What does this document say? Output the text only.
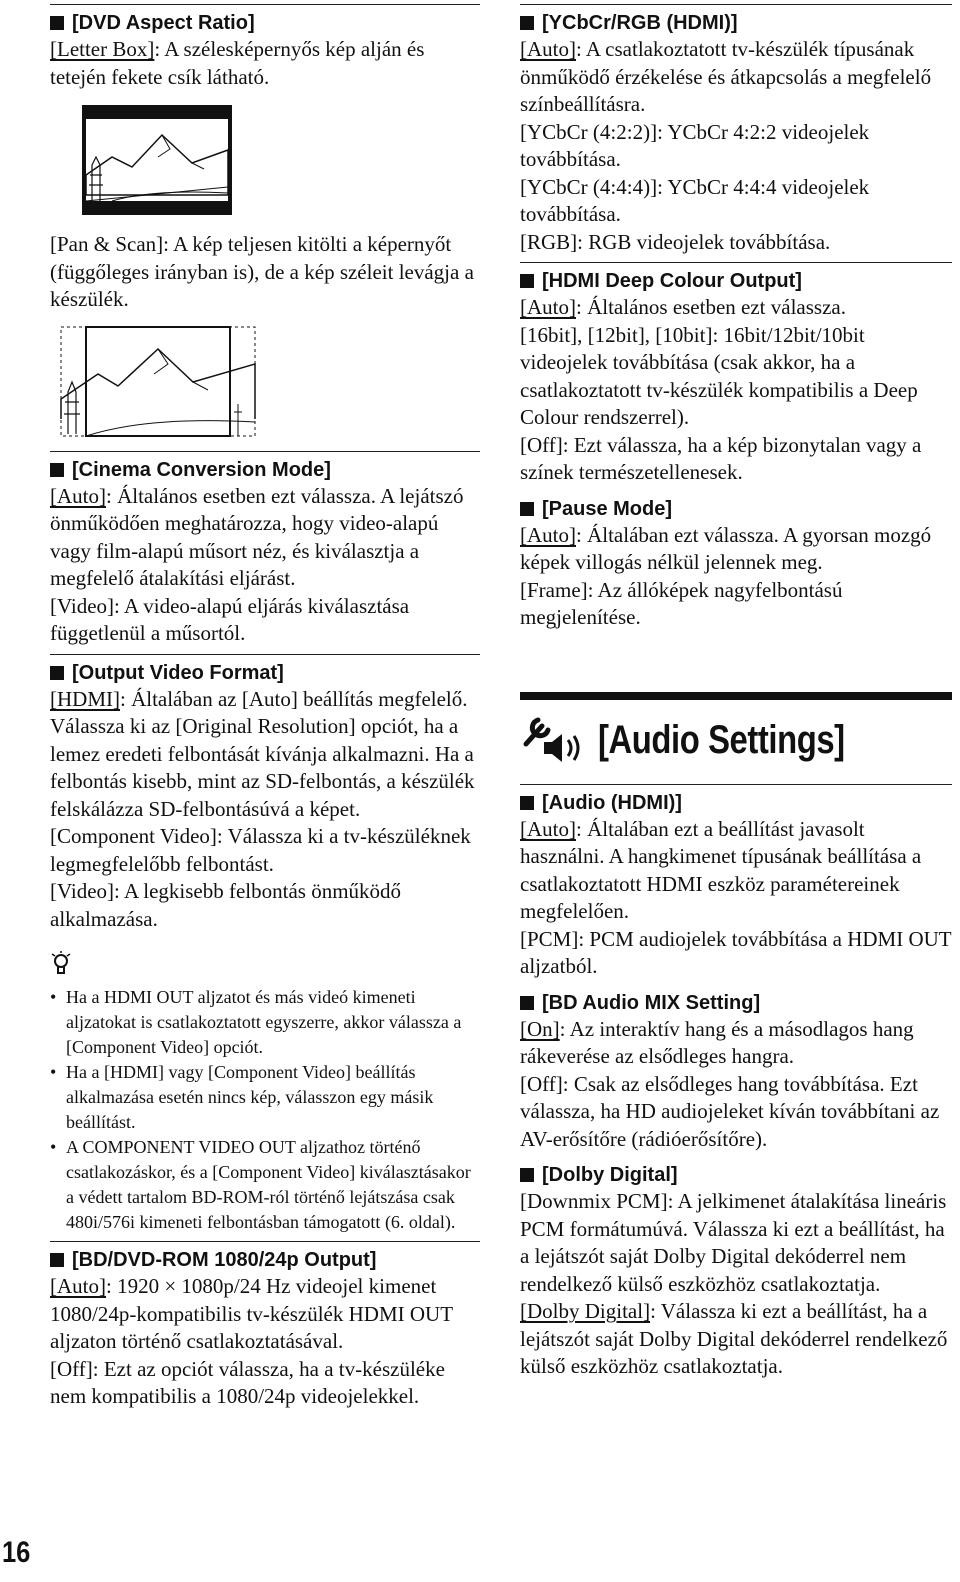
[DVD Aspect Ratio]

[Letter Box]: A szélesképernyős kép alján és tetején fekete csík látható.

[Pan & Scan]: A kép teljesen kitölti a képernyőt (függőleges irányban is), de a kép széleit levágja a készülék.

[Cinema Conversion Mode]

[Auto]: Általános esetben ezt válassza. A lejátszó önműködően meghatározza, hogy video-alapú vagy film-alapú műsort néz, és kiválasztja a megfelelő átalakítási eljárást.

[Video]: A video-alapú eljárás kiválasztása függetlenül a műsortól.

[Output Video Format]

[HDMI]: Általában az [Auto] beállítás megfelelő.

Válassza ki az [Original Resolution] opciót, ha a lemez eredeti felbontását kívánja alkalmazni. Ha a felbontás kisebb, mint az SD-felbontás, a készülék felskálázza SD-felbontásúvá a képet.

[Component Video]: Válassza ki a tv-készüléknek legmegfelelőbb felbontást.

[Video]: A legkisebb felbontás önműködő alkalmazása.

• Ha a HDMI OUT aljzatot és más videó kimeneti aljzatokat is csatlakoztatott egyszerre, akkor válassza a [Component Video] opciót.
• Ha a [HDMI] vagy [Component Video] beállítás alkalmazása esetén nincs kép, válasszon egy másik beállítást.
• A COMPONENT VIDEO OUT aljzathoz történő csatlakozáskor, és a [Component Video] kiválasztásakor a védett tartalom BD-ROM-ról történő lejátszása csak 480i/576i kimeneti felbontásban támogatott (6. oldal).
[BD/DVD-ROM 1080/24p Output]

[Auto]: 1920 × 1080p/24 Hz videojel kimenet 1080/24p-kompatibilis tv-készülék HDMI OUT aljzaton történő csatlakoztatásával.

[Off]: Ezt az opciót válassza, ha a tv-készüléke nem kompatibilis a 1080/24p videojelekkel.

[YCbCr/RGB (HDMI)]

[Auto]: A csatlakoztatott tv-készülék típusának önműködő érzékelése és átkapcsolás a megfelelő színbeállításra.

[YCbCr (4:2:2)]: YCbCr 4:2:2 videojelek továbbítása.

[YCbCr (4:4:4)]: YCbCr 4:4:4 videojelek továbbítása.

[RGB]: RGB videojelek továbbítása.

[HDMI Deep Colour Output]

[Auto]: Általános esetben ezt válassza.

[16bit], [12bit], [10bit]: 16bit/12bit/10bit videojelek továbbítása (csak akkor, ha a csatlakoztatott tv-készülék kompatibilis a Deep Colour rendszerrel).

[Off]: Ezt válassza, ha a kép bizonytalan vagy a színek természetellenesek.

[Pause Mode]

[Auto]: Általában ezt válassza. A gyorsan mozgó képek villogás nélkül jelennek meg.

[Frame]: Az állóképek nagyfelbontású megjelenítése.

[Audio Settings]
[Audio (HDMI)]

[Auto]: Általában ezt a beállítást javasolt használni. A hangkimenet típusának beállítása a csatlakoztatott HDMI eszköz paramétereinek megfelelően.

[PCM]: PCM audiojelek továbbítása a HDMI OUT aljzatból.

[BD Audio MIX Setting]

[On]: Az interaktív hang és a másodlagos hang rákeverése az elsődleges hangra.

[Off]: Csak az elsődleges hang továbbítása. Ezt válassza, ha HD audiojeleket kíván továbbítani az AV-erősítőre (rádióerősítőre).

[Dolby Digital]

[Downmix PCM]: A jelkimenet átalakítása lineáris PCM formátumúvá. Válassza ki ezt a beállítást, ha a lejátszót saját Dolby Digital dekóderrel nem rendelkező külső eszközhöz csatlakoztatja.

[Dolby Digital]: Válassza ki ezt a beállítást, ha a lejátszót saját Dolby Digital dekóderrel rendelkező külső eszközhöz csatlakoztatja.

16
